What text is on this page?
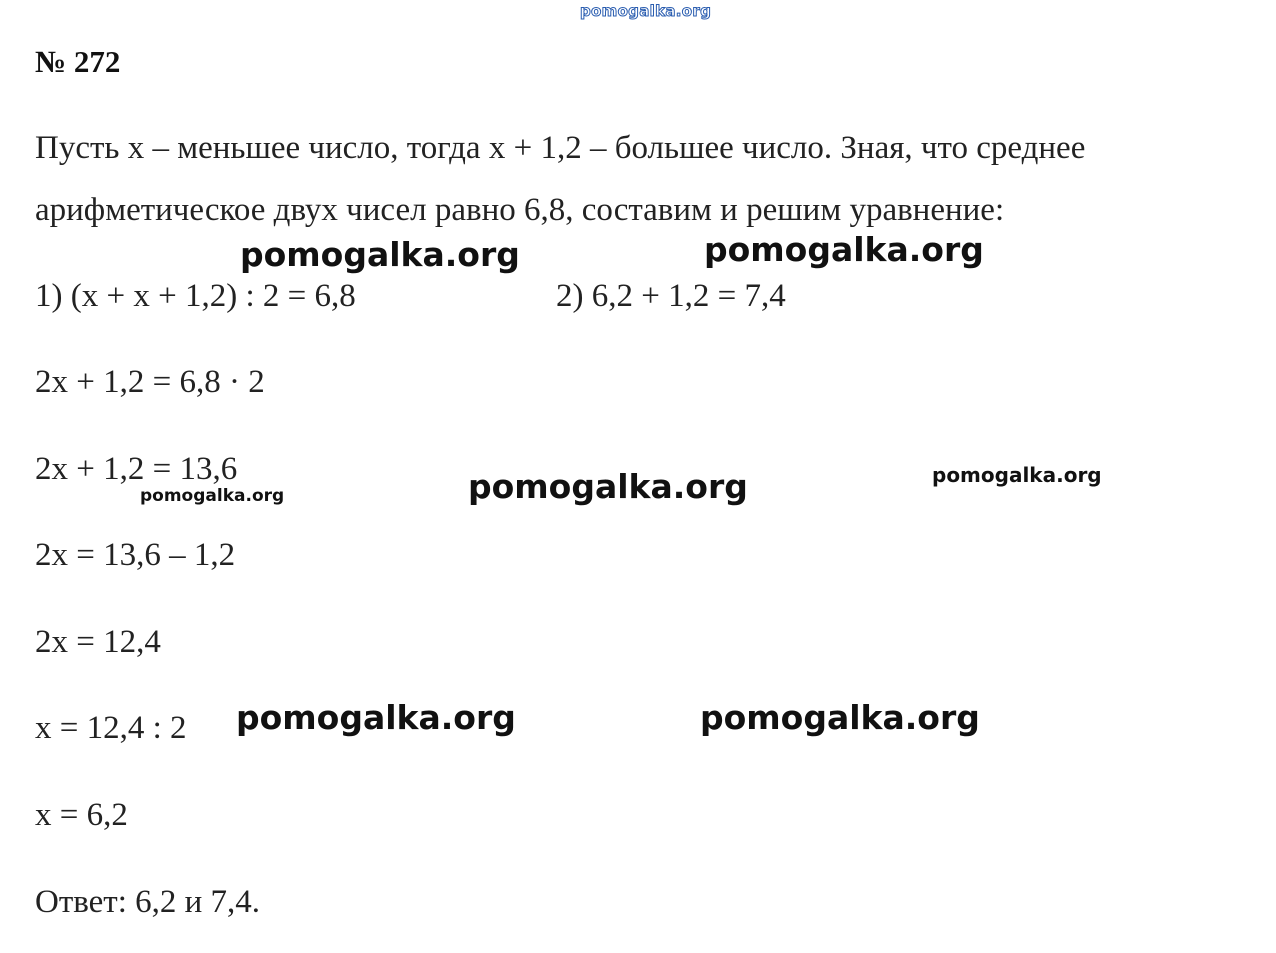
pomogalka.org
№ 272
Пусть х – меньшее число, тогда х + 1,2 – большее число. Зная, что среднее
арифметическое двух чисел равно 6,8, составим и решим уравнение:
pomogalka.org	pomogalka.org
1) (х + х + 1,2) : 2 = 6,8	2) 6,2 + 1,2 = 7,4
2х + 1,2 = 6,8 · 2
2х + 1,2 = 13,6
pomogalka.org	pomogalka.org	pomogalka.org
2х = 13,6 – 1,2
2х = 12,4
х = 12,4 : 2 pomogalka.org	pomogalka.org
х = 6,2
Ответ: 6,2 и 7,4.
